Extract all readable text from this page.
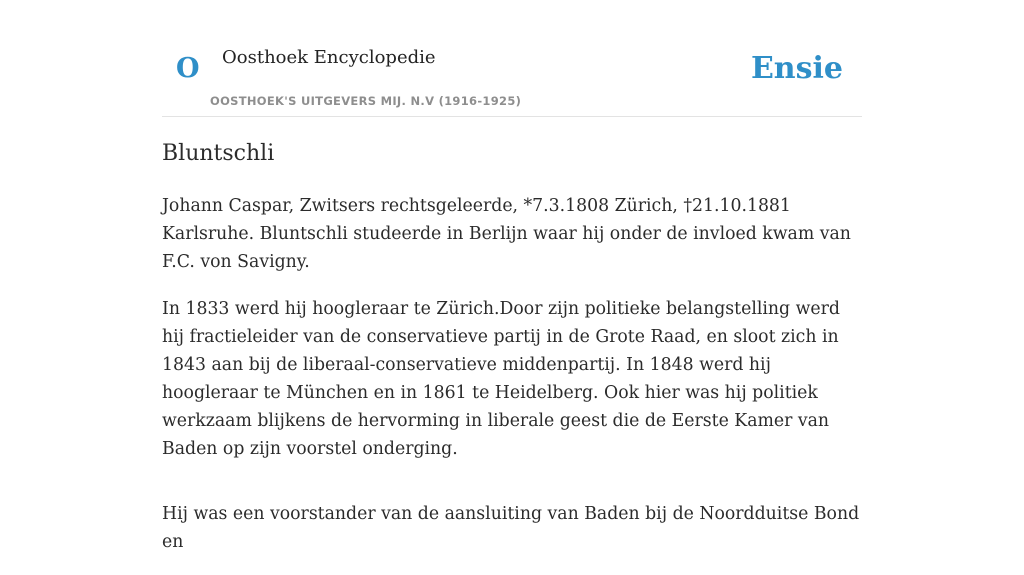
O Oosthoek Encyclopedie
OOSTHOEK'S UITGEVERS MIJ. N.V (1916-1925)
Ensie
Bluntschli

Johann Caspar, Zwitsers rechtsgeleerde, *7.3.1808 Zürich, †21.10.1881 Karlsruhe. Bluntschli studeerde in Berlijn waar hij onder de invloed kwam van F.C. von Savigny.

In 1833 werd hij hoogleraar te Zürich.Door zijn politieke belangstelling werd hij fractieleider van de conservatieve partij in de Grote Raad, en sloot zich in 1843 aan bij de liberaal-conservatieve middenpartij. In 1848 werd hij hoogleraar te München en in 1861 te Heidelberg. Ook hier was hij politiek werkzaam blijkens de hervorming in liberale geest die de Eerste Kamer van Baden op zijn voorstel onderging.

Hij was een voorstander van de aansluiting van Baden bij de Noordduitse Bond en
